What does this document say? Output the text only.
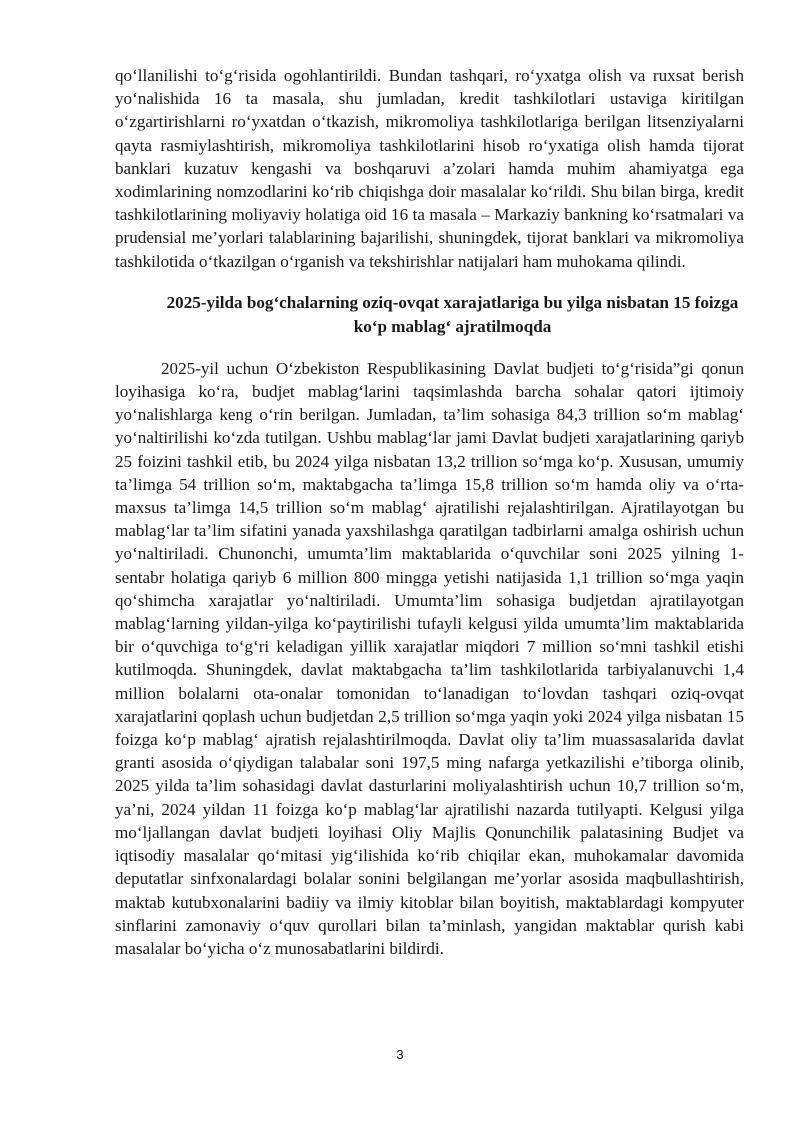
qo‘llanilishi to‘g‘risida ogohlantirildi. Bundan tashqari, ro‘yxatga olish va ruxsat berish yo‘nalishida 16 ta masala, shu jumladan, kredit tashkilotlari ustaviga kiritilgan o‘zgartirishlarni ro‘yxatdan o‘tkazish, mikromoliya tashkilotlariga berilgan litsenziyalarni qayta rasmiylashtirish, mikromoliya tashkilotlarini hisob ro‘yxatiga olish hamda tijorat banklari kuzatuv kengashi va boshqaruvi a’zolari hamda muhim ahamiyatga ega xodimlarining nomzodlarini ko‘rib chiqishga doir masalalar ko‘rildi. Shu bilan birga, kredit tashkilotlarining moliyaviy holatiga oid 16 ta masala – Markaziy bankning ko‘rsatmalari va prudensial me’yorlari talablarining bajarilishi, shuningdek, tijorat banklari va mikromoliya tashkilotida o‘tkazilgan o‘rganish va tekshirishlar natijalari ham muhokama qilindi.

2025-yilda bog‘chalarning oziq-ovqat xarajatlariga bu yilga nisbatan 15 foizga ko‘p mablag‘ ajratilmoqda

2025-yil uchun O‘zbekiston Respublikasining Davlat budjeti to‘g‘risida”gi qonun loyihasiga ko‘ra, budjet mablag‘larini taqsimlashda barcha sohalar qatori ijtimoiy yo‘nalishlarga keng o‘rin berilgan. Jumladan, ta’lim sohasiga 84,3 trillion so‘m mablag‘ yo‘naltirilishi ko‘zda tutilgan. Ushbu mablag‘lar jami Davlat budjeti xarajatlarining qariyb 25 foizini tashkil etib, bu 2024 yilga nisbatan 13,2 trillion so‘mga ko‘p. Xususan, umumiy ta’limga 54 trillion so‘m, maktabgacha ta’limga 15,8 trillion so‘m hamda oliy va o‘rta-maxsus ta’limga 14,5 trillion so‘m mablag‘ ajratilishi rejalashtirilgan. Ajratilayotgan bu mablag‘lar ta’lim sifatini yanada yaxshilashga qaratilgan tadbirlarni amalga oshirish uchun yo‘naltiriladi. Chunonchi, umumta’lim maktablarida o‘quvchilar soni 2025 yilning 1-sentabr holatiga qariyb 6 million 800 mingga yetishi natijasida 1,1 trillion so‘mga yaqin qo‘shimcha xarajatlar yo‘naltiriladi. Umumta’lim sohasiga budjetdan ajratilayotgan mablag‘larning yildan-yilga ko‘paytirilishi tufayli kelgusi yilda umumta’lim maktablarida bir o‘quvchiga to‘g‘ri keladigan yillik xarajatlar miqdori 7 million so‘mni tashkil etishi kutilmoqda. Shuningdek, davlat maktabgacha ta’lim tashkilotlarida tarbiyalanuvchi 1,4 million bolalarni ota-onalar tomonidan to‘lanadigan to‘lovdan tashqari oziq-ovqat xarajatlarini qoplash uchun budjetdan 2,5 trillion so‘mga yaqin yoki 2024 yilga nisbatan 15 foizga ko‘p mablag‘ ajratish rejalashtirilmoqda. Davlat oliy ta’lim muassasalarida davlat granti asosida o‘qiydigan talabalar soni 197,5 ming nafarga yetkazilishi e’tiborga olinib, 2025 yilda ta’lim sohasidagi davlat dasturlarini moliyalashtirish uchun 10,7 trillion so‘m, ya’ni, 2024 yildan 11 foizga ko‘p mablag‘lar ajratilishi nazarda tutilyapti. Kelgusi yilga mo‘ljallangan davlat budjeti loyihasi Oliy Majlis Qonunchilik palatasining Budjet va iqtisodiy masalalar qo‘mitasi yig‘ilishida ko‘rib chiqilar ekan, muhokamalar davomida deputatlar sinfxonalardagi bolalar sonini belgilangan me’yorlar asosida maqbullashtirish, maktab kutubxonalarini badiiy va ilmiy kitoblar bilan boyitish, maktablardagi kompyuter sinflarini zamonaviy o‘quv qurollari bilan ta’minlash, yangidan maktablar qurish kabi masalalar bo‘yicha o‘z munosabatlarini bildirdi.

3
